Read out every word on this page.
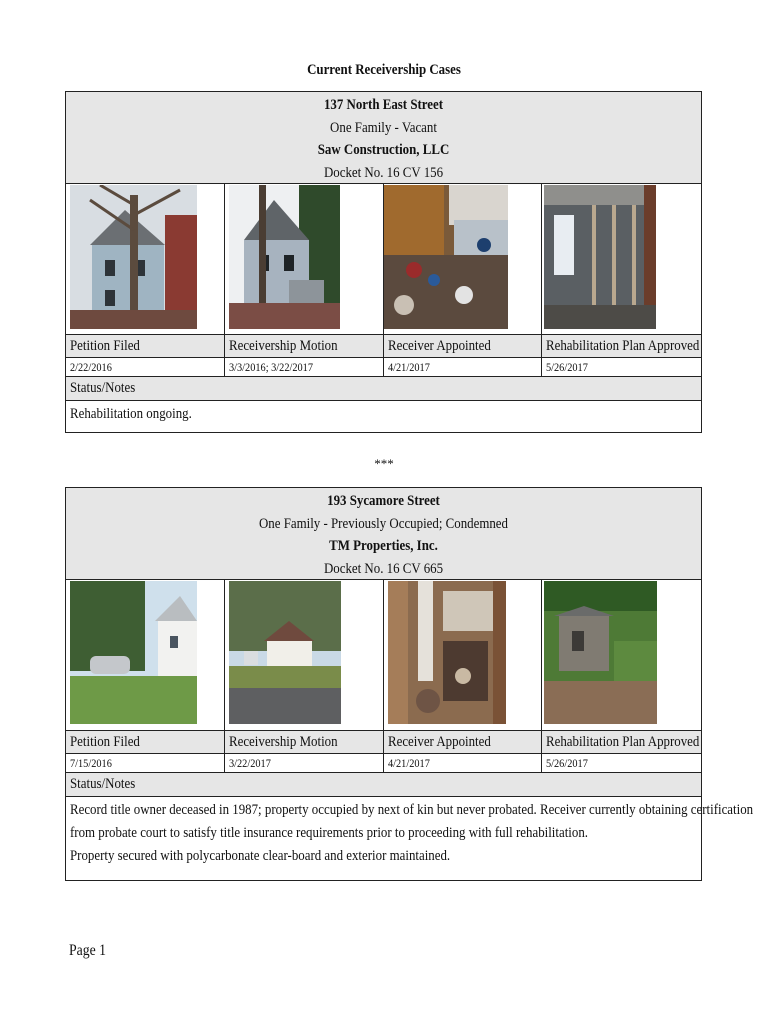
Current Receivership Cases
137 North East Street
One Family - Vacant
Saw Construction, LLC
Docket No. 16 CV 156
Petition Filed	Receivership Motion	Receiver Appointed	Rehabilitation Plan Approved
2/22/2016	3/3/2016; 3/22/2017	4/21/2017	5/26/2017
Status/Notes
Rehabilitation ongoing.
***
193 Sycamore Street
One Family - Previously Occupied; Condemned
TM Properties, Inc.
Docket No. 16 CV 665
Petition Filed	Receivership Motion	Receiver Appointed	Rehabilitation Plan Approved
7/15/2016	3/22/2017	4/21/2017	5/26/2017
Status/Notes
Record title owner deceased in 1987; property occupied by next of kin but never probated. Receiver currently obtaining certification
from probate court to satisfy title insurance requirements prior to proceeding with full rehabilitation.
Property secured with polycarbonate clear-board and exterior maintained.
Page 1
